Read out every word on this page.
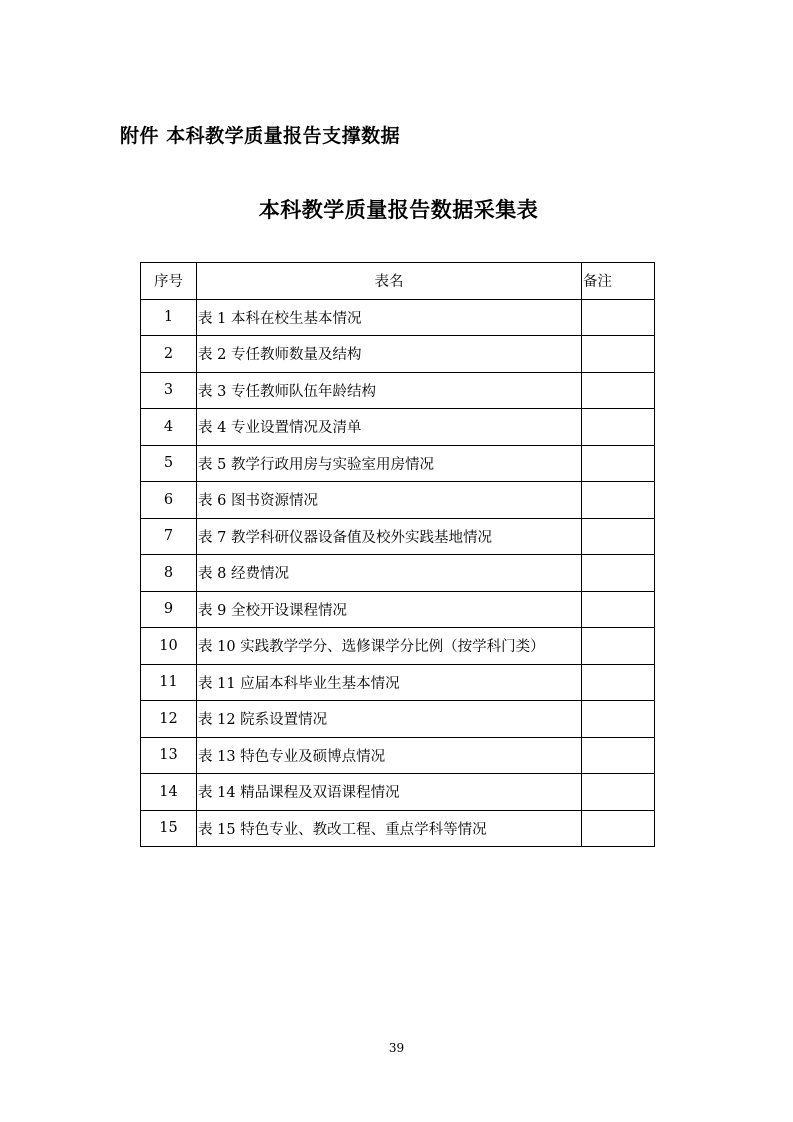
附件 本科教学质量报告支撑数据
本科教学质量报告数据采集表
序号	表名	备注
1	表 1 本科在校生基本情况	
2	表 2 专任教师数量及结构	
3	表 3 专任教师队伍年龄结构	
4	表 4 专业设置情况及清单	
5	表 5 教学行政用房与实验室用房情况	
6	表 6 图书资源情况	
7	表 7 教学科研仪器设备值及校外实践基地情况	
8	表 8 经费情况	
9	表 9 全校开设课程情况	
10	表 10 实践教学学分、选修课学分比例（按学科门类）	
11	表 11 应届本科毕业生基本情况	
12	表 12 院系设置情况	
13	表 13 特色专业及硕博点情况	
14	表 14 精品课程及双语课程情况	
15	表 15 特色专业、教改工程、重点学科等情况	
39
